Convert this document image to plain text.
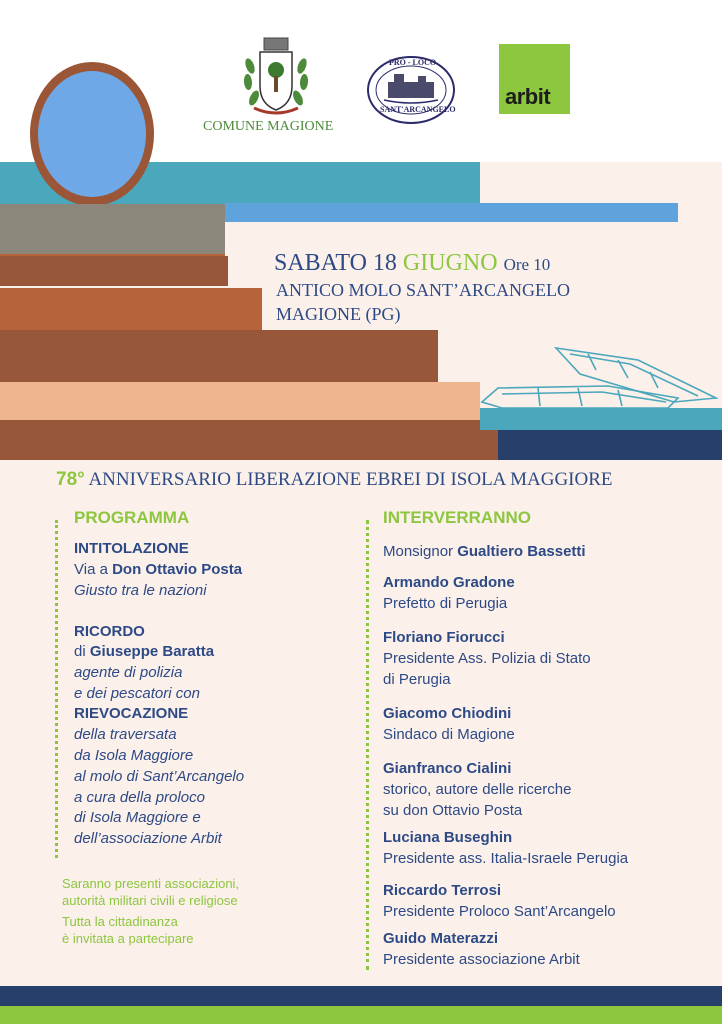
COMUNE MAGIONE
PRO - LOCO
SANT'ARCANGELO
arbit
SABATO 18 GIUGNO Ore 10
ANTICO MOLO SANT’ARCANGELO
MAGIONE (PG)
78° ANNIVERSARIO LIBERAZIONE EBREI DI ISOLA MAGGIORE
PROGRAMMA
INTITOLAZIONE
Via a Don Ottavio Posta
Giusto tra le nazioni
RICORDO
di Giuseppe Baratta
agente di polizia
e dei pescatori con
RIEVOCAZIONE
della traversata
da Isola Maggiore
al molo di Sant’Arcangelo
a cura della proloco
di Isola Maggiore e
dell’associazione Arbit
Saranno presenti associazioni,
autorità militari civili e religiose
Tutta la cittadinanza
è invitata a partecipare
INTERVERRANNO
Monsignor Gualtiero Bassetti
Armando Gradone
Prefetto di Perugia
Floriano Fiorucci
Presidente Ass. Polizia di Stato
di Perugia
Giacomo Chiodini
Sindaco di Magione
Gianfranco Cialini
storico, autore delle ricerche
su don Ottavio Posta
Luciana Buseghin
Presidente ass. Italia-Israele Perugia
Riccardo Terrosi
Presidente Proloco Sant’Arcangelo
Guido Materazzi
Presidente associazione Arbit
